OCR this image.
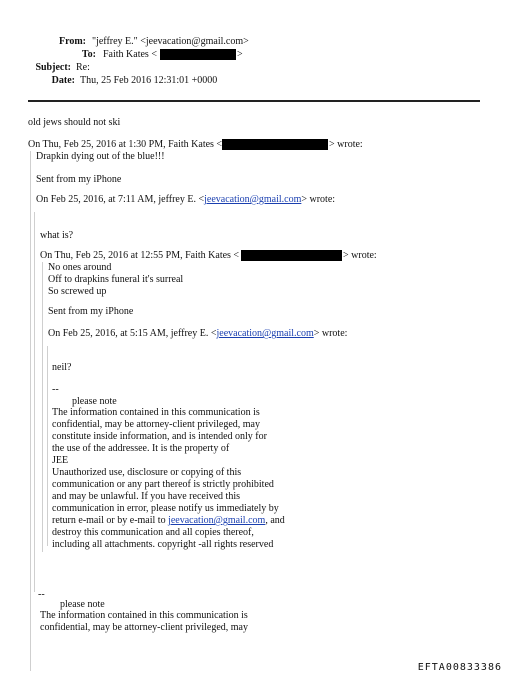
From: "jeffrey E." <jeevacation@gmail.com>
To: Faith Kates <	>
Subject: Re:
Date: Thu, 25 Feb 2016 12:31:01 +0000
old jews should not ski
On Thu, Feb 25, 2016 at 1:30 PM, Faith Kates <	> wrote:
Drapkin dying out of the blue!!!
Sent from my iPhone
On Feb 25, 2016, at 7:11 AM, jeffrey E. <jeevacation@gmail.com> wrote:
what is?
On Thu, Feb 25, 2016 at 12:55 PM, Faith Kates <	> wrote:
No ones around
Off to drapkins funeral it's surreal
So screwed up
Sent from my iPhone
On Feb 25, 2016, at 5:15 AM, jeffrey E. <jeevacation@gmail.com> wrote:
neil?
--
please note
The information contained in this communication is
confidential, may be attorney-client privileged, may
constitute inside information, and is intended only for
the use of the addressee. It is the property of
JEE
Unauthorized use, disclosure or copying of this
communication or any part thereof is strictly prohibited
and may be unlawful. If you have received this
communication in error, please notify us immediately by
return e-mail or by e-mail to jeevacation@gmail.com, and
destroy this communication and all copies thereof,
including all attachments. copyright -all rights reserved
--
please note
The information contained in this communication is
confidential, may be attorney-client privileged, may
EFTA00833386
